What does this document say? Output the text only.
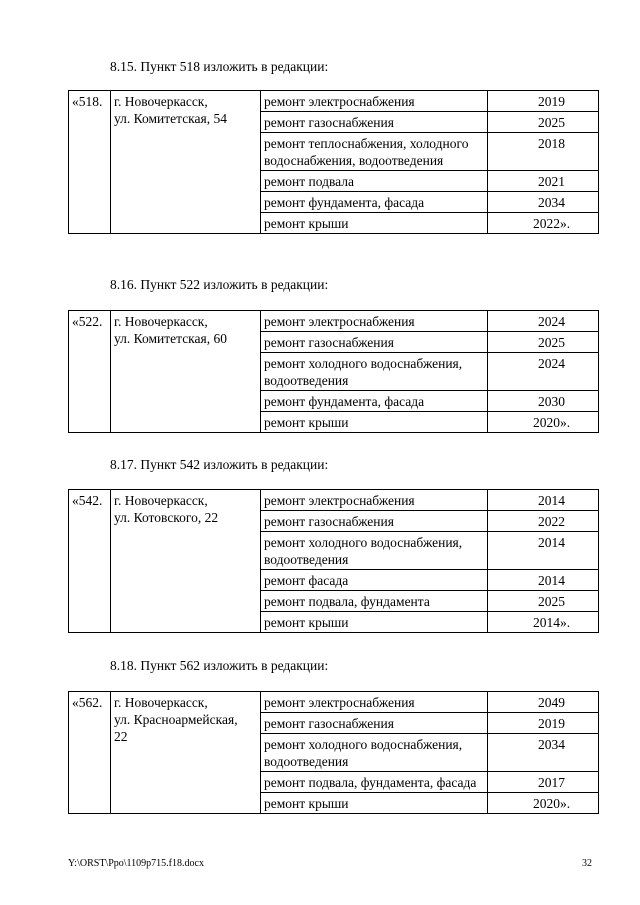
8.15. Пункт 518 изложить в редакции:

«518.	г. Новочеркасск,
ул. Комитетская, 54	ремонт электроснабжения	2019
		ремонт газоснабжения	2025
		ремонт теплоснабжения, холодного водоснабжения, водоотведения	2018
		ремонт подвала	2021
		ремонт фундамента, фасада	2034
		ремонт крыши	2022».

8.16. Пункт 522 изложить в редакции:

«522.	г. Новочеркасск,
ул. Комитетская, 60	ремонт электроснабжения	2024
		ремонт газоснабжения	2025
		ремонт холодного водоснабжения, водоотведения	2024
		ремонт фундамента, фасада	2030
		ремонт крыши	2020».

8.17. Пункт 542 изложить в редакции:

«542.	г. Новочеркасск,
ул. Котовского, 22	ремонт электроснабжения	2014
		ремонт газоснабжения	2022
		ремонт холодного водоснабжения, водоотведения	2014
		ремонт фасада	2014
		ремонт подвала, фундамента	2025
		ремонт крыши	2014».

8.18. Пункт 562 изложить в редакции:

«562.	г. Новочеркасск,
ул. Красноармейская,
22	ремонт электроснабжения	2049
		ремонт газоснабжения	2019
		ремонт холодного водоснабжения, водоотведения	2034
		ремонт подвала, фундамента, фасада	2017
		ремонт крыши	2020».
Y:\ORST\Ppo\1109p715.f18.docx	32
